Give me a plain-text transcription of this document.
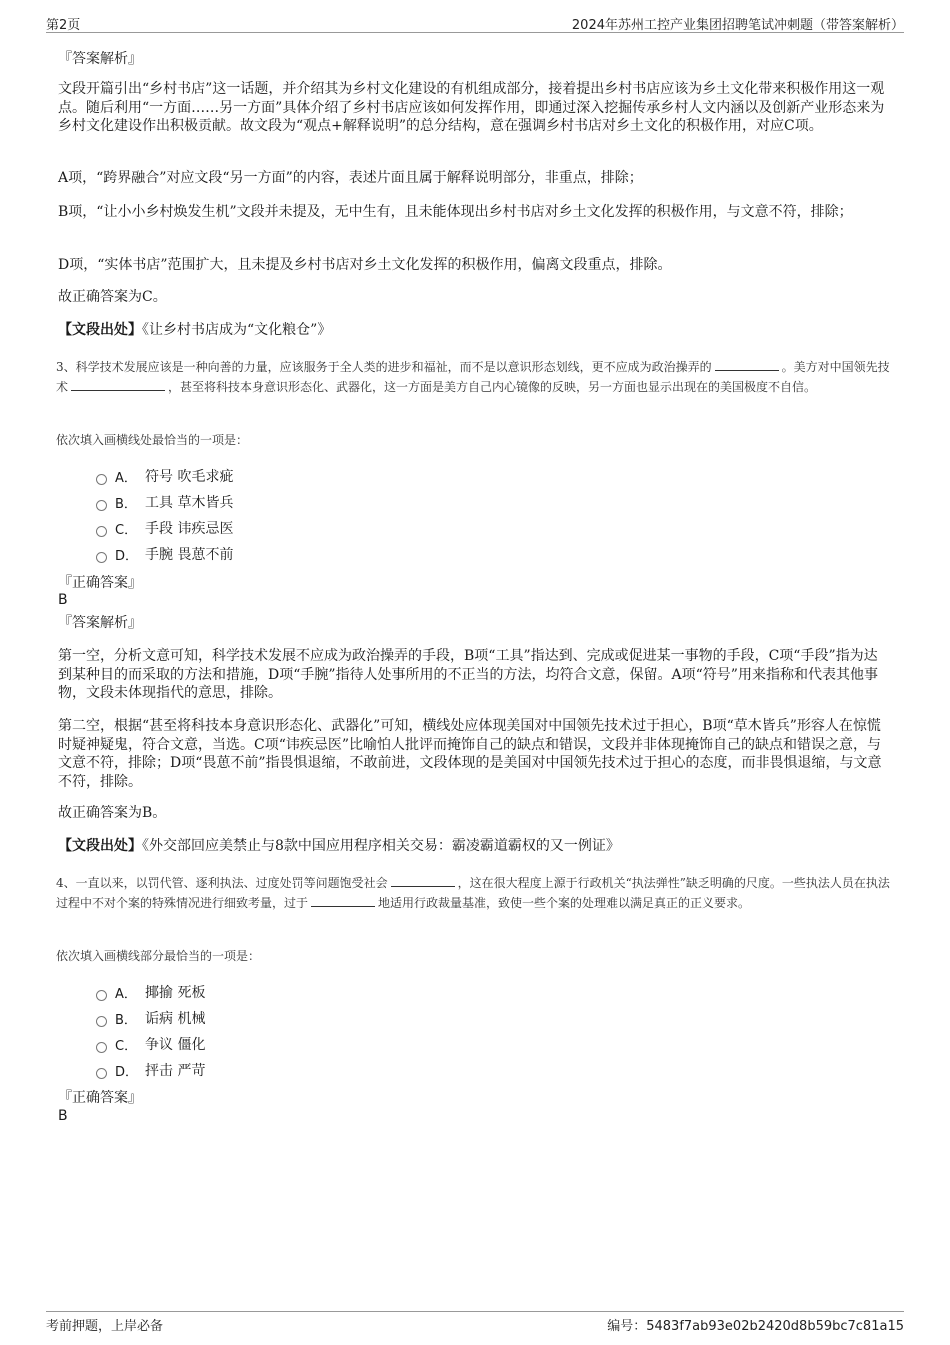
第2页	2024年苏州工控产业集团招聘笔试冲刺题（带答案解析）
『答案解析』
文段开篇引出“乡村书店”这一话题，并介绍其为乡村文化建设的有机组成部分，接着提出乡村书店应该为乡土文化带来积极作用这一观点。随后利用“一方面……另一方面”具体介绍了乡村书店应该如何发挥作用，即通过深入挖掘传承乡村人文内涵以及创新产业形态来为乡村文化建设作出积极贡献。故文段为“观点+解释说明”的总分结构，意在强调乡村书店对乡土文化的积极作用，对应C项。
A项，“跨界融合”对应文段“另一方面”的内容，表述片面且属于解释说明部分，非重点，排除；
B项，“让小小乡村焕发生机”文段并未提及，无中生有，且未能体现出乡村书店对乡土文化发挥的积极作用，与文意不符，排除；
D项，“实体书店”范围扩大，且未提及乡村书店对乡土文化发挥的积极作用，偏离文段重点，排除。
故正确答案为C。
【文段出处】《让乡村书店成为“文化粮仓”》
3、科学技术发展应该是一种向善的力量，应该服务于全人类的进步和福祉，而不是以意识形态划线，更不应成为政治操弄的	。美方对中国领先技术	，甚至将科技本身意识形态化、武器化，这一方面是美方自己内心镜像的反映，另一方面也显示出现在的美国极度不自信。
依次填入画横线处最恰当的一项是：
A． 符号 吹毛求疵
B． 工具 草木皆兵
C． 手段 讳疾忌医
D． 手腕 畏葸不前
『正确答案』
B
『答案解析』
第一空，分析文意可知，科学技术发展不应成为政治操弄的手段，B项“工具”指达到、完成或促进某一事物的手段，C项“手段”指为达到某种目的而采取的方法和措施，D项“手腕”指待人处事所用的不正当的方法，均符合文意，保留。A项“符号”用来指称和代表其他事物，文段未体现指代的意思，排除。
第二空，根据“甚至将科技本身意识形态化、武器化”可知，横线处应体现美国对中国领先技术过于担心，B项“草木皆兵”形容人在惊慌时疑神疑鬼，符合文意，当选。C项“讳疾忌医”比喻怕人批评而掩饰自己的缺点和错误，文段并非体现掩饰自己的缺点和错误之意，与文意不符，排除；D项“畏葸不前”指畏惧退缩，不敢前进，文段体现的是美国对中国领先技术过于担心的态度，而非畏惧退缩，与文意不符，排除。
故正确答案为B。
【文段出处】《外交部回应美禁止与8款中国应用程序相关交易：霸凌霸道霸权的又一例证》
4、一直以来，以罚代管、逐利执法、过度处罚等问题饱受社会	，这在很大程度上源于行政机关“执法弹性”缺乏明确的尺度。一些执法人员在执法过程中不对个案的特殊情况进行细致考量，过于	地适用行政裁量基准，致使一些个案的处理难以满足真正的正义要求。
依次填入画横线部分最恰当的一项是：
A． 揶揄 死板
B． 诟病 机械
C． 争议 僵化
D． 抨击 严苛
『正确答案』
B
考前押题，上岸必备	编号：5483f7ab93e02b2420d8b59bc7c81a15
